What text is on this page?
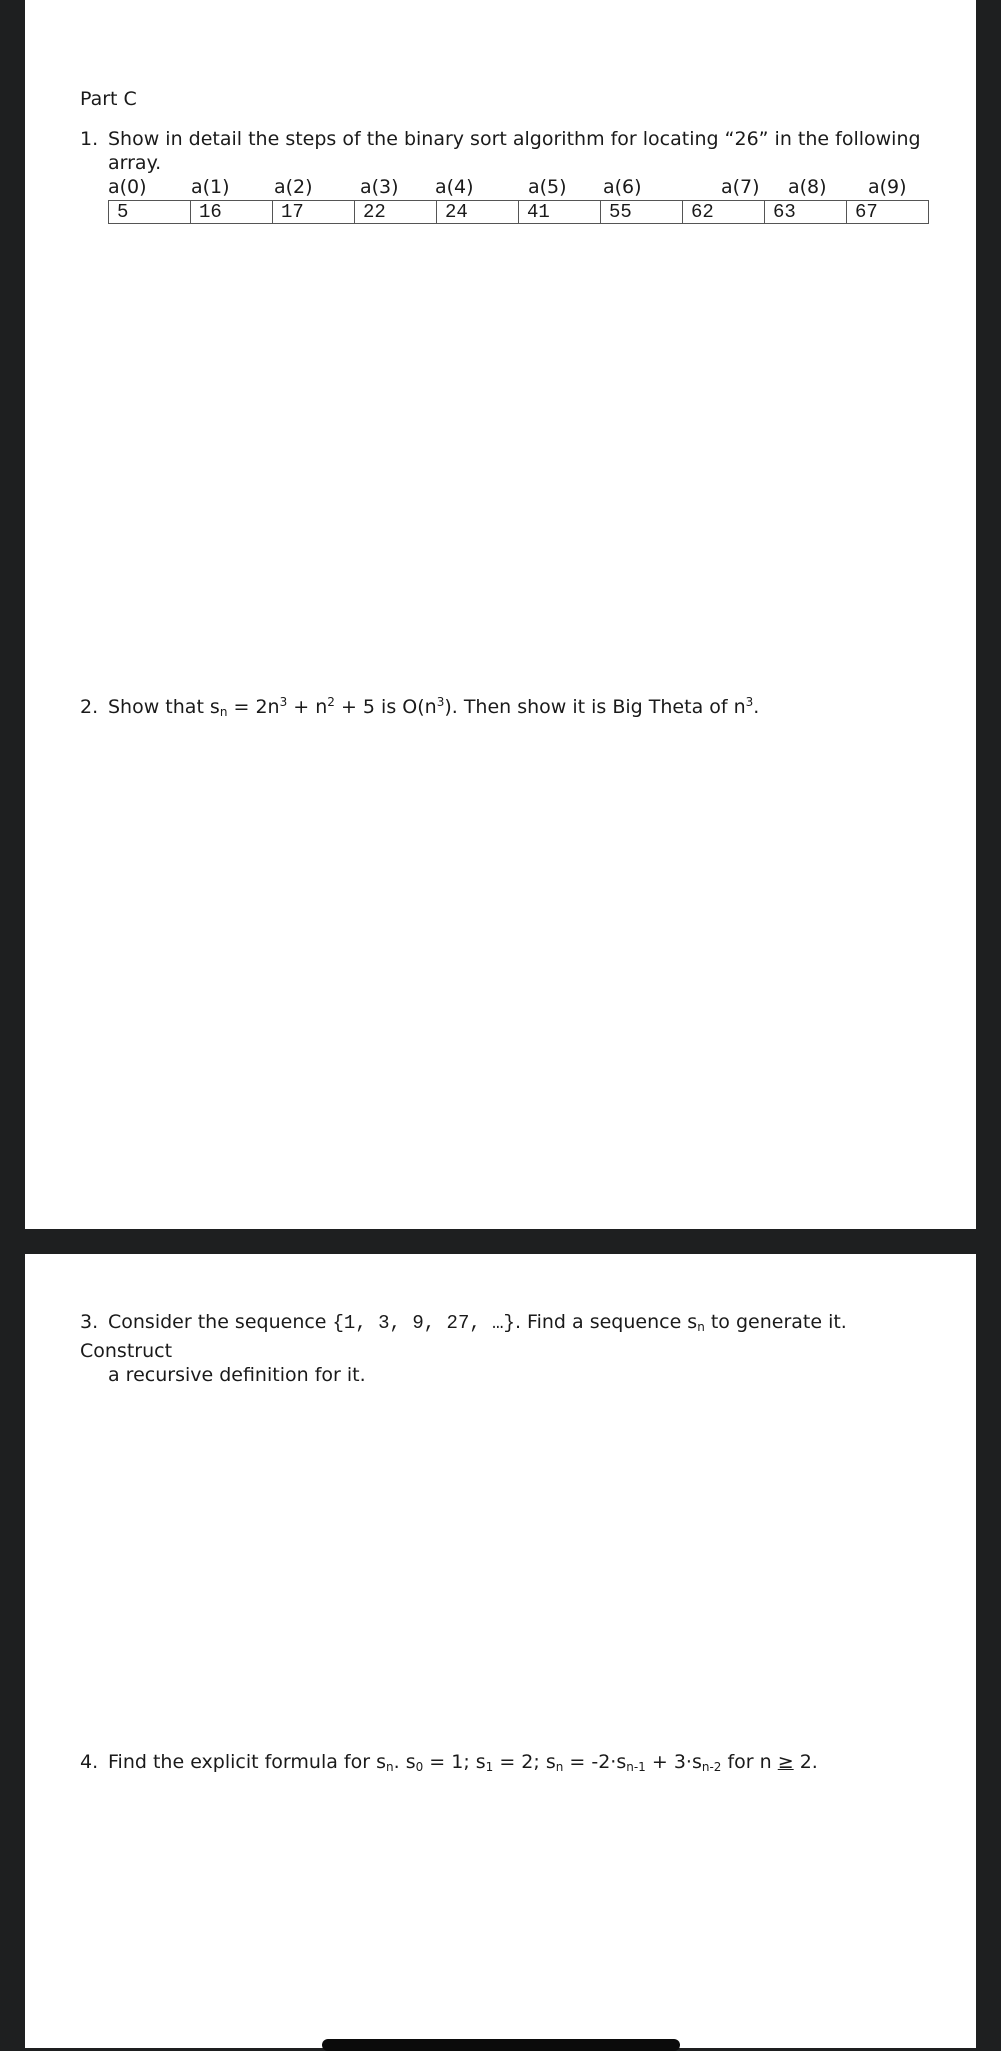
Part C

1. Show in detail the steps of the binary sort algorithm for locating “26” in the following
array.

a(0) a(1) a(2) a(3) a(4)	a(5) a(6)	a(7) a(8) a(9)
5	16	17	22	24	41	55	62	63	67

2. Show that $s_n = 2n^3 + n^2 + 5$ is $O(n^3)$. Then show it is Big Theta of $n^3$.

3. Consider the sequence {1, 3, 9, 27, …}. Find a sequence $s_n$ to generate it. Construct
a recursive definition for it.

4. Find the explicit formula for $s_n$. $s_0 = 1$; $s_1 = 2$; $s_n = -2\cdot s_{n-1} + 3\cdot s_{n-2}$ for n ≥ 2.
